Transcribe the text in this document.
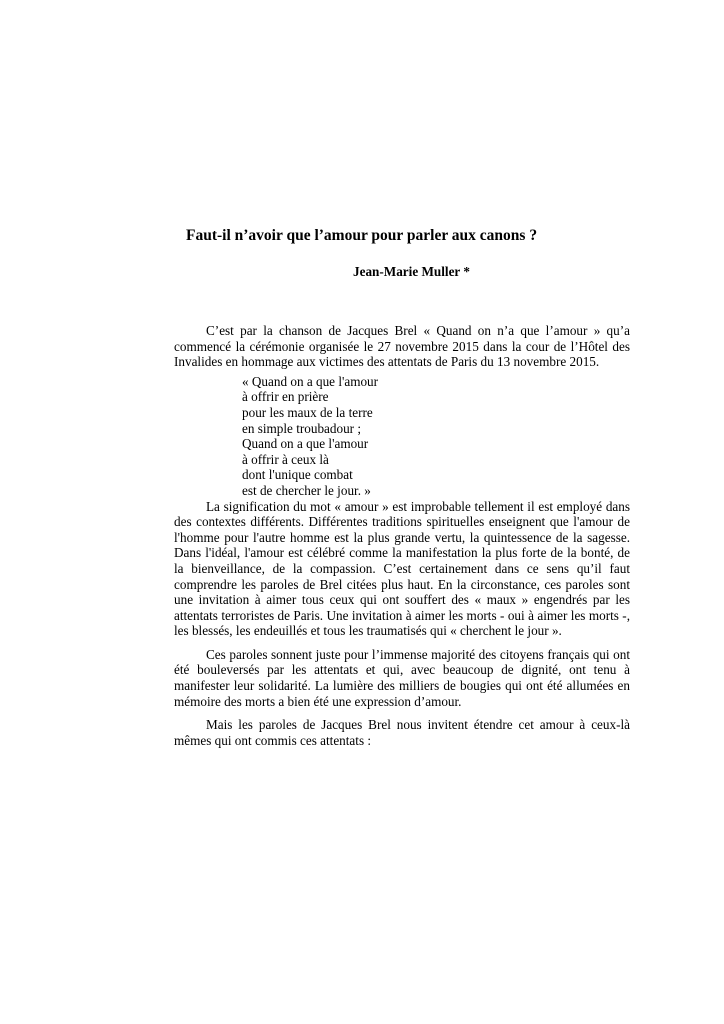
Faut-il n’avoir que l’amour pour parler aux canons ?

Jean-Marie Muller *

C’est par la chanson de Jacques Brel « Quand on n’a que l’amour » qu’a commencé la cérémonie organisée le 27 novembre 2015 dans la cour de l’Hôtel des Invalides en hommage aux victimes des attentats de Paris du 13 novembre 2015.

« Quand on a que l'amour
à offrir en prière
pour les maux de la terre
en simple troubadour ;
Quand on a que l'amour
à offrir à ceux là
dont l'unique combat
est de chercher le jour. »

La signification du mot « amour » est improbable tellement il est employé dans des contextes différents. Différentes traditions spirituelles enseignent que l'amour de l'homme pour l'autre homme est la plus grande vertu, la quintessence de la sagesse. Dans l'idéal, l'amour est célébré comme la manifestation la plus forte de la bonté, de la bienveillance, de la compassion. C’est certainement dans ce sens qu’il faut comprendre les paroles de Brel citées plus haut. En la circonstance, ces paroles sont une invitation à aimer tous ceux qui ont souffert des « maux » engendrés par les attentats terroristes de Paris. Une invitation à aimer les morts - oui à aimer les morts -, les blessés, les endeuillés et tous les traumatisés qui « cherchent le jour ».

Ces paroles sonnent juste pour l’immense majorité des citoyens français qui ont été bouleversés par les attentats et qui, avec beaucoup de dignité, ont tenu à manifester leur solidarité. La lumière des milliers de bougies qui ont été allumées en mémoire des morts a bien été une expression d’amour.

Mais les paroles de Jacques Brel nous invitent étendre cet amour à ceux-là mêmes qui ont commis ces attentats :
